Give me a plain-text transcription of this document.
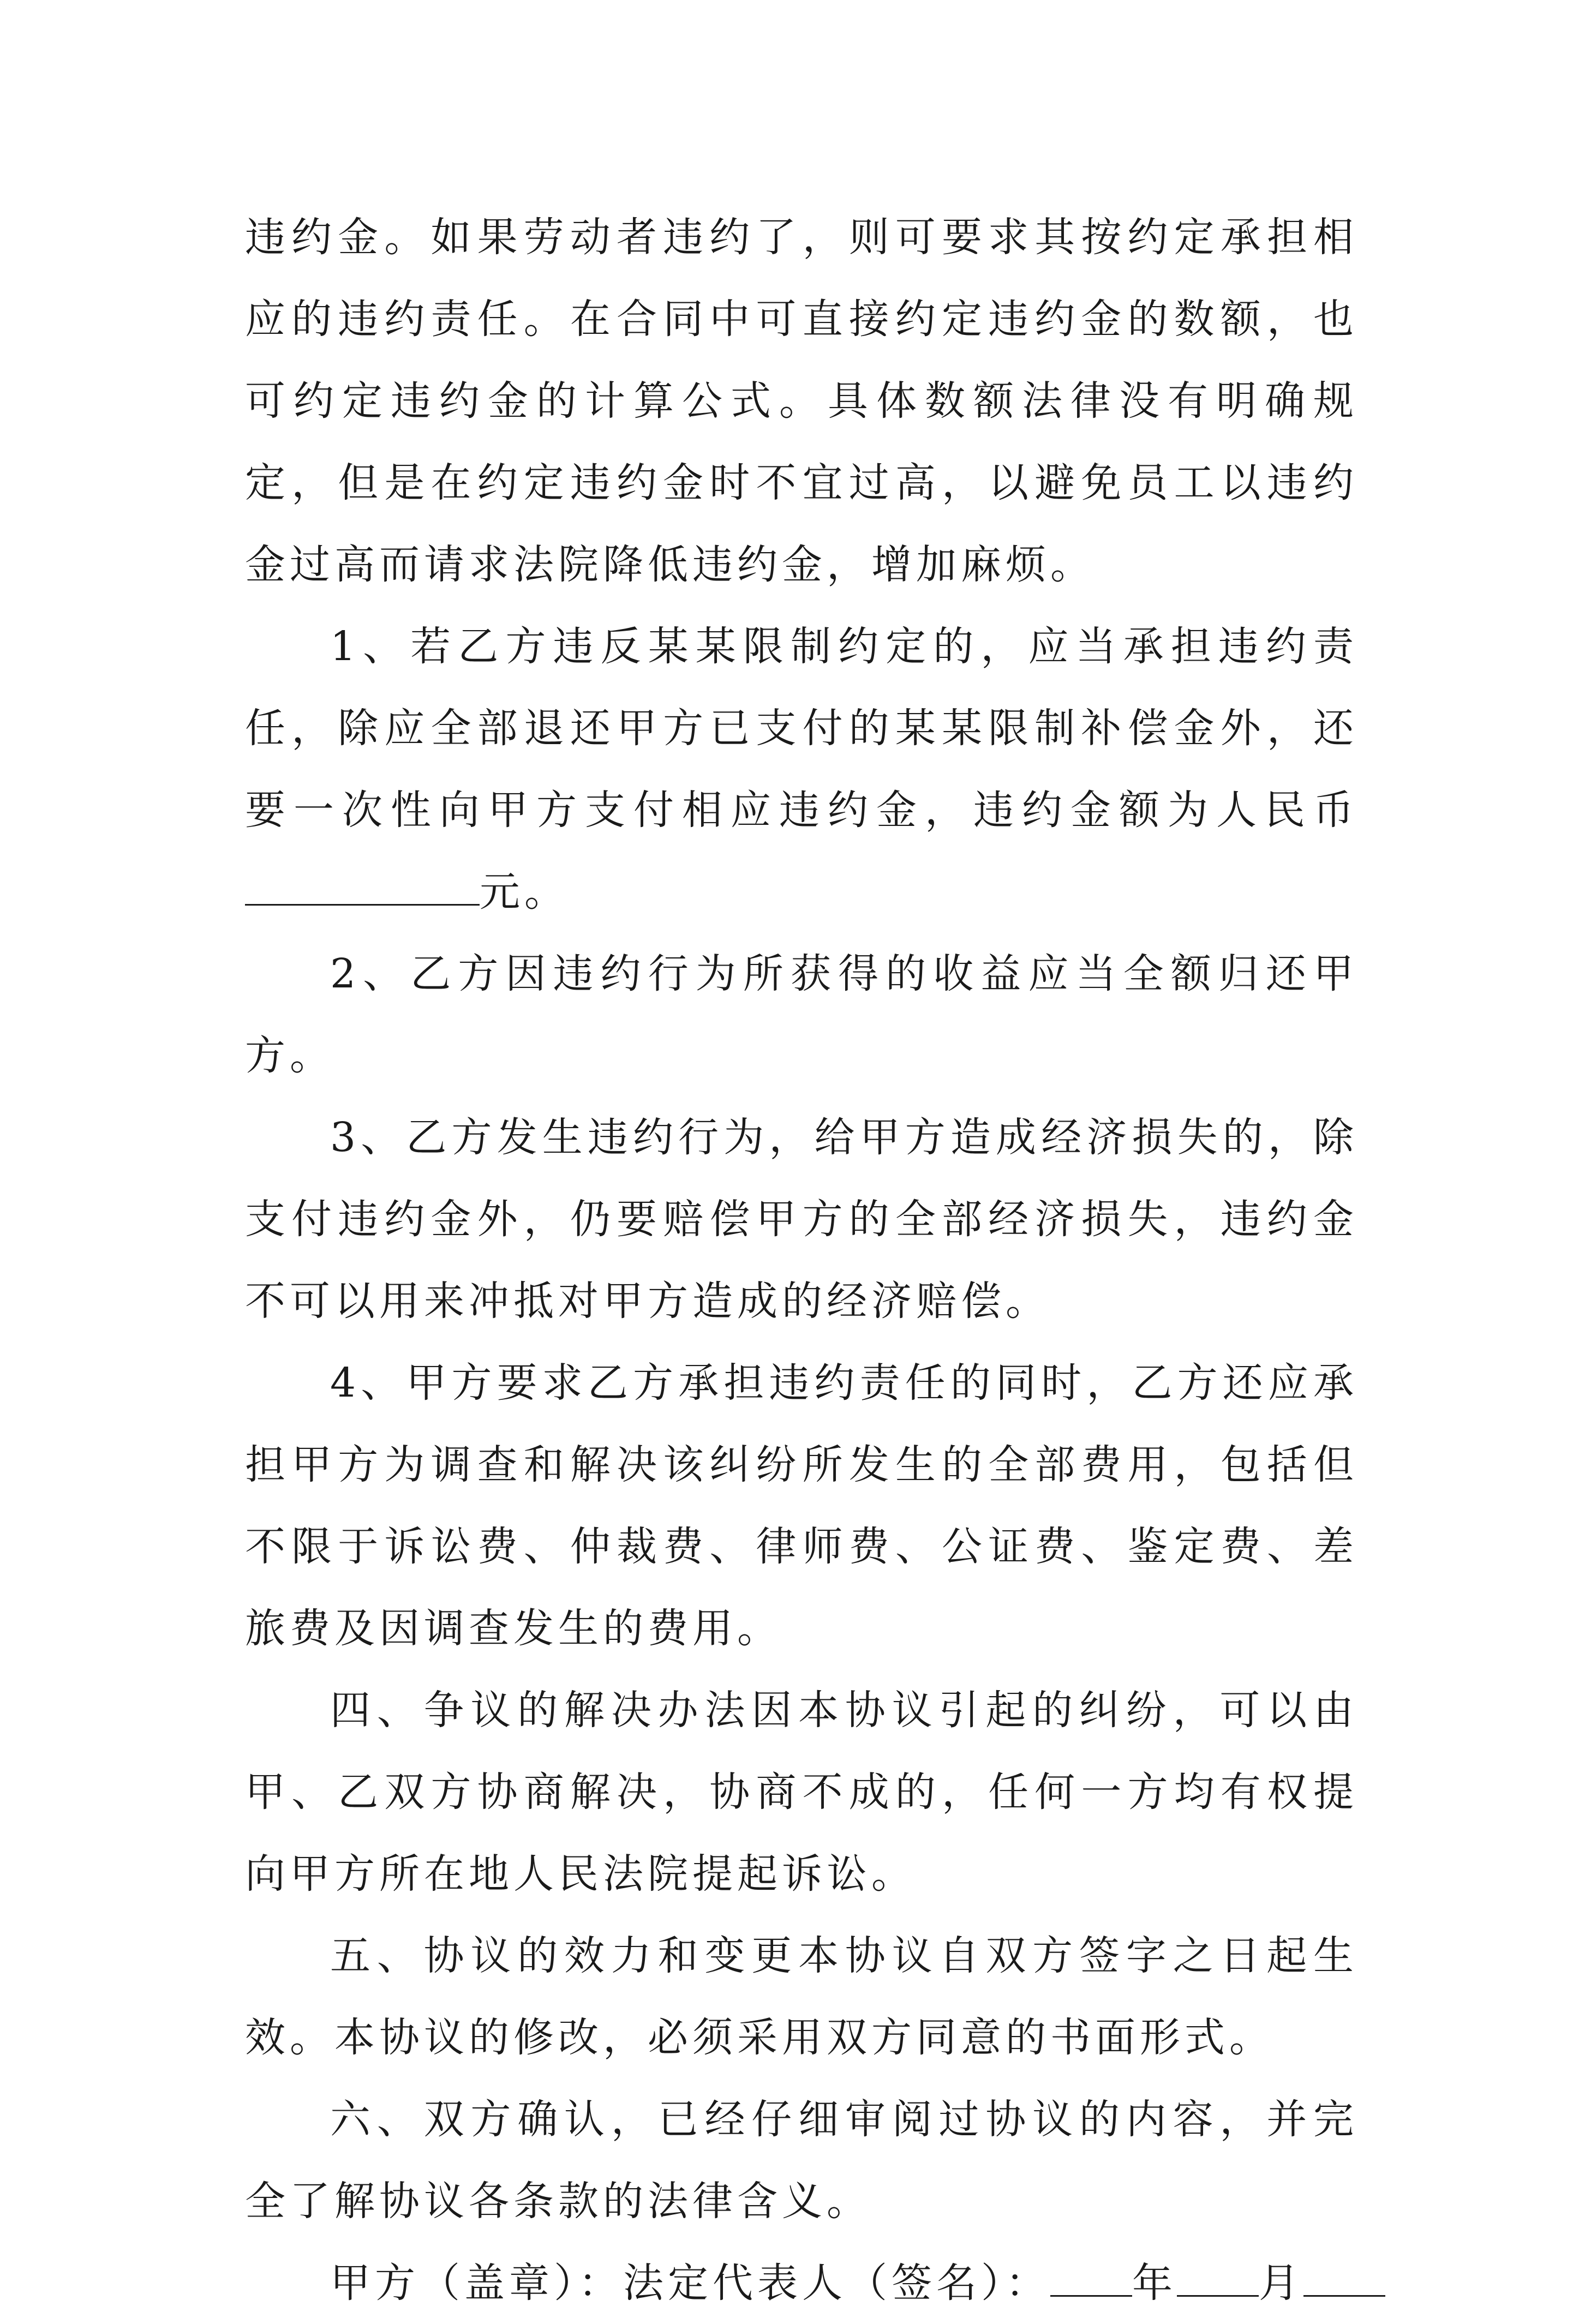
违约金。如果劳动者违约了，则可要求其按约定承担相应的违约责任。在合同中可直接约定违约金的数额，也可约定违约金的计算公式。具体数额法律没有明确规定，但是在约定违约金时不宜过高，以避免员工以违约金过高而请求法院降低违约金，增加麻烦。

1、若乙方违反某某限制约定的，应当承担违约责任，除应全部退还甲方已支付的某某限制补偿金外，还要一次性向甲方支付相应违约金，违约金额为人民币元。

2、乙方因违约行为所获得的收益应当全额归还甲方。

3、乙方发生违约行为，给甲方造成经济损失的，除支付违约金外，仍要赔偿甲方的全部经济损失，违约金不可以用来冲抵对甲方造成的经济赔偿。

4、甲方要求乙方承担违约责任的同时，乙方还应承担甲方为调查和解决该纠纷所发生的全部费用，包括但不限于诉讼费、仲裁费、律师费、公证费、鉴定费、差旅费及因调查发生的费用。

四、争议的解决办法因本协议引起的纠纷，可以由甲、乙双方协商解决，协商不成的，任何一方均有权提向甲方所在地人民法院提起诉讼。

五、协议的效力和变更本协议自双方签字之日起生效。本协议的修改，必须采用双方同意的书面形式。

六、双方确认，已经仔细审阅过协议的内容，并完全了解协议各条款的法律含义。

甲方（盖章）：法定代表人（签名）： 年 月
